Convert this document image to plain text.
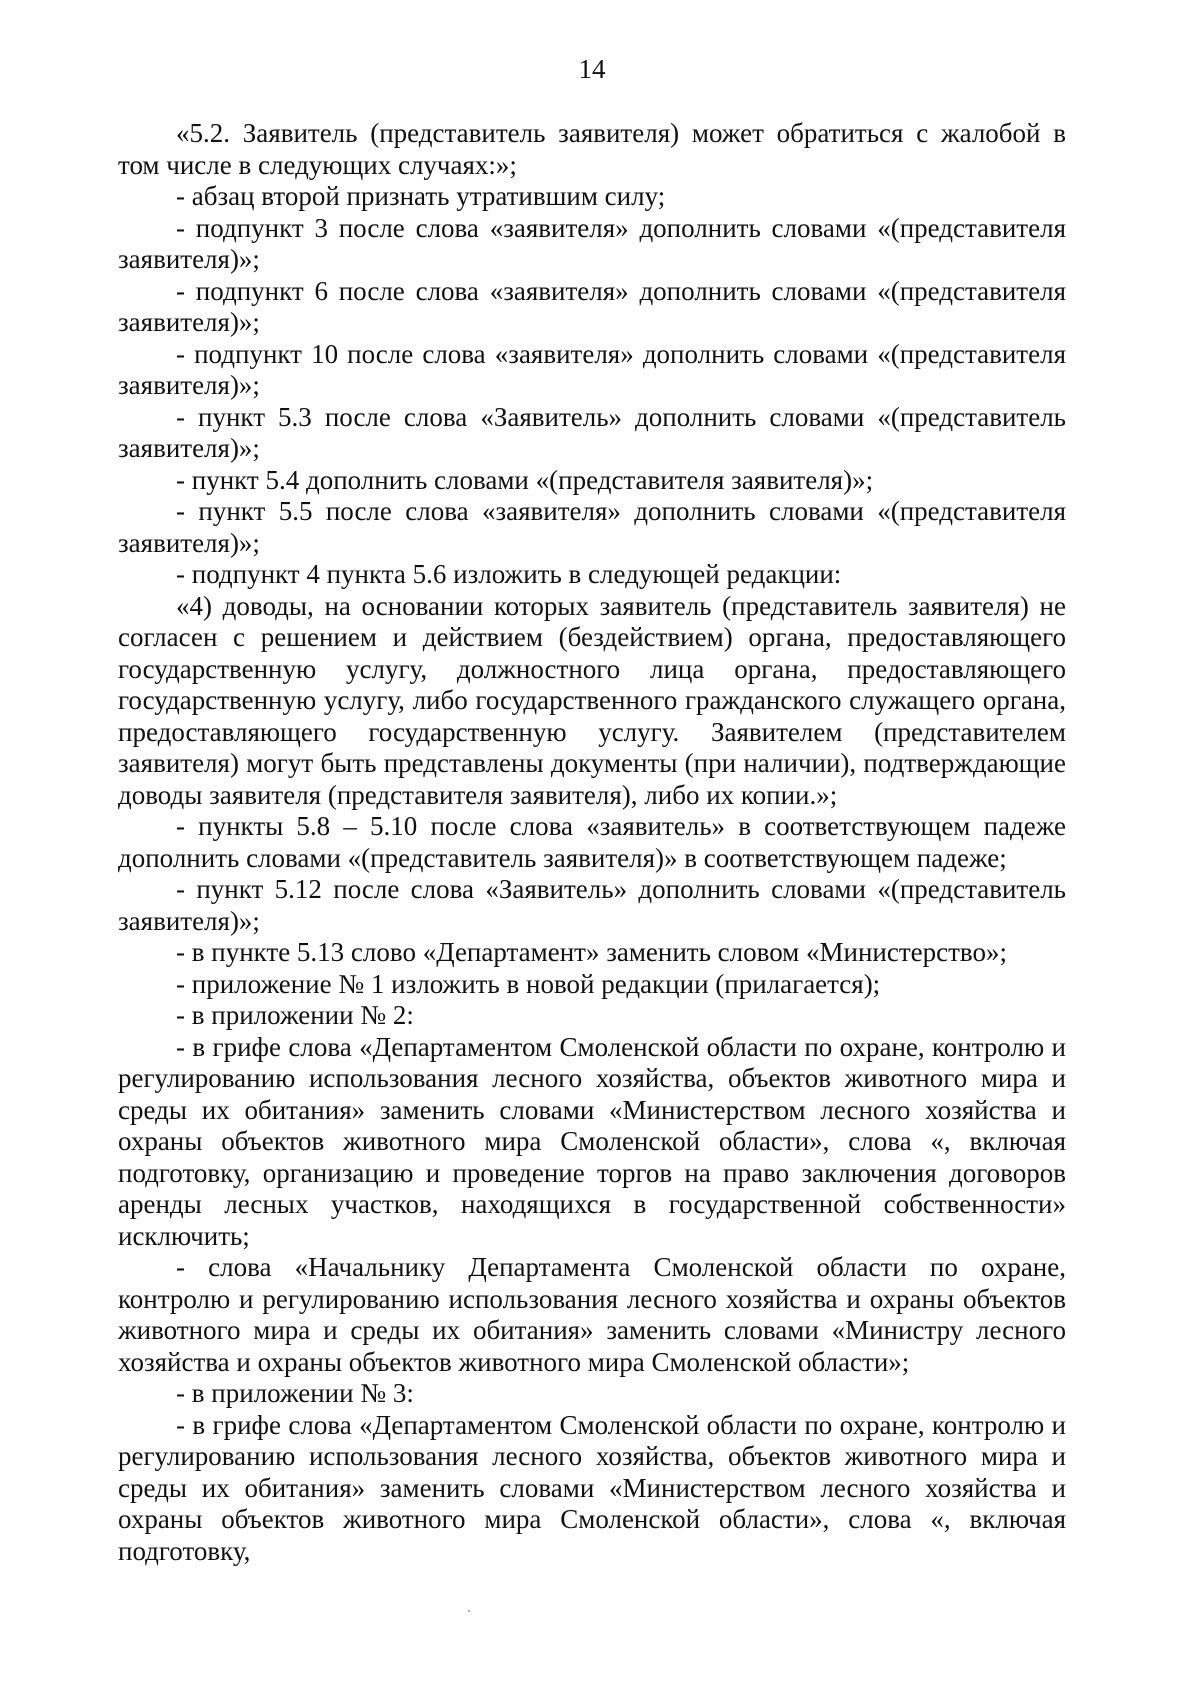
14

«5.2. Заявитель (представитель заявителя) может обратиться с жалобой в том числе в следующих случаях:»;

- абзац второй признать утратившим силу;

- подпункт 3 после слова «заявителя» дополнить словами «(представителя заявителя)»;

- подпункт 6 после слова «заявителя» дополнить словами «(представителя заявителя)»;

- подпункт 10 после слова «заявителя» дополнить словами «(представителя заявителя)»;

- пункт 5.3 после слова «Заявитель» дополнить словами «(представитель заявителя)»;

- пункт 5.4 дополнить словами «(представителя заявителя)»;

- пункт 5.5 после слова «заявителя» дополнить словами «(представителя заявителя)»;

- подпункт 4 пункта 5.6 изложить в следующей редакции:

«4) доводы, на основании которых заявитель (представитель заявителя) не согласен с решением и действием (бездействием) органа, предоставляющего государственную услугу, должностного лица органа, предоставляющего государственную услугу, либо государственного гражданского служащего органа, предоставляющего государственную услугу. Заявителем (представителем заявителя) могут быть представлены документы (при наличии), подтверждающие доводы заявителя (представителя заявителя), либо их копии.»;

- пункты 5.8 – 5.10 после слова «заявитель» в соответствующем падеже дополнить словами «(представитель заявителя)» в соответствующем падеже;

- пункт 5.12 после слова «Заявитель» дополнить словами «(представитель заявителя)»;

- в пункте 5.13 слово «Департамент» заменить словом «Министерство»;

- приложение № 1 изложить в новой редакции (прилагается);

- в приложении № 2:

- в грифе слова «Департаментом Смоленской области по охране, контролю и регулированию использования лесного хозяйства, объектов животного мира и среды их обитания» заменить словами «Министерством лесного хозяйства и охраны объектов животного мира Смоленской области», слова «, включая подготовку, организацию и проведение торгов на право заключения договоров аренды лесных участков, находящихся в государственной собственности» исключить;

- слова «Начальнику Департамента Смоленской области по охране, контролю и регулированию использования лесного хозяйства и охраны объектов животного мира и среды их обитания» заменить словами «Министру лесного хозяйства и охраны объектов животного мира Смоленской области»;

- в приложении № 3:

- в грифе слова «Департаментом Смоленской области по охране, контролю и регулированию использования лесного хозяйства, объектов животного мира и среды их обитания» заменить словами «Министерством лесного хозяйства и охраны объектов животного мира Смоленской области», слова «, включая подготовку,
